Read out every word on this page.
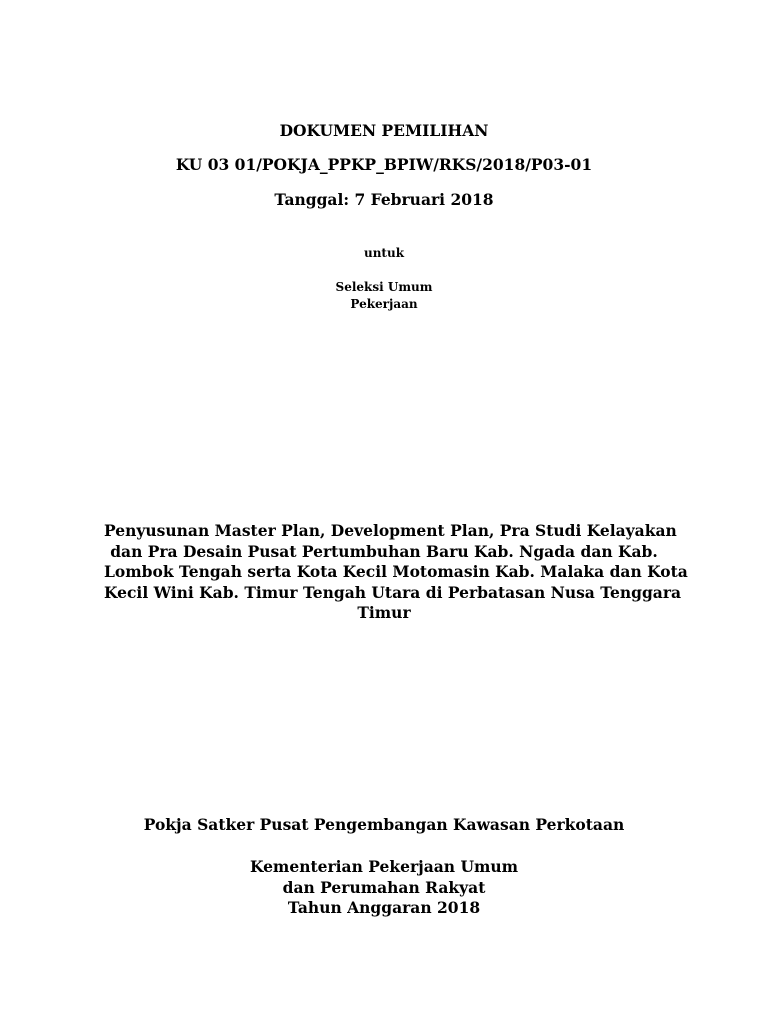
DOKUMEN PEMILIHAN
KU 03 01/POKJA_PPKP_BPIW/RKS/2018/P03-01
Tanggal: 7 Februari 2018
untuk
Seleksi Umum
Pekerjaan
Penyusunan Master Plan, Development Plan, Pra Studi Kelayakan
dan Pra Desain Pusat Pertumbuhan Baru Kab. Ngada dan Kab.
Lombok Tengah serta Kota Kecil Motomasin Kab. Malaka dan Kota
Kecil Wini Kab. Timur Tengah Utara di Perbatasan Nusa Tenggara
Timur
Pokja Satker Pusat Pengembangan Kawasan Perkotaan
Kementerian Pekerjaan Umum
dan Perumahan Rakyat
Tahun Anggaran 2018
